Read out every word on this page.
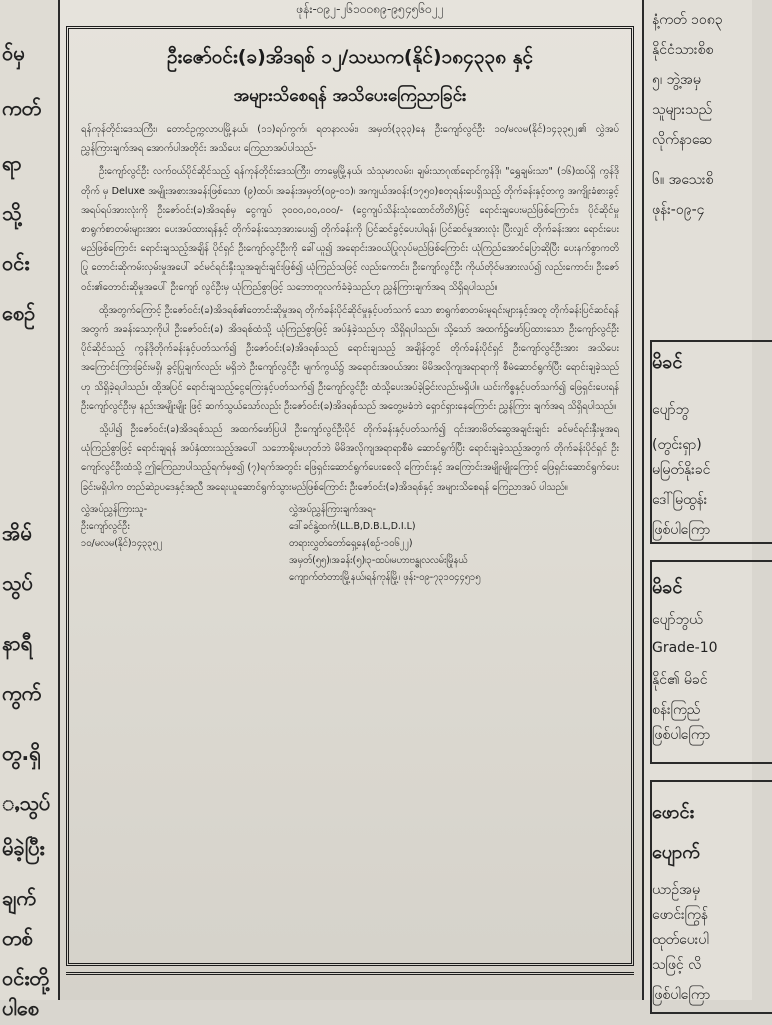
ဖုန်း-၀၉၂-၂၆၁၀၀၈၉-၉၅၄၅၆၀၂၂
ဝ်မှ
ကတ်
ရာ
သို့
ဝင်း
စေဉ်
အိမ်
သွပ်
နာရီ
ကွက်
တွ.ရှိ
ႇသွပ်
မိခဲ့ပြီး
ချက်
တစ်
ဝင်းတို့
ပါစေ
နံ့ကတ် ၁၀၈၃
နိုင်ငံသားစိစ
၅၊ ဘွဲ့အမှ
သူများသည်
လိုက်နာဆေ
၆။ အသေးစိ
ဖုန်း-၀၉-၄
မိခင်
ပျော်ဘွ
(တွင်းရှာ)
မမြတ်နိုးခင်
ဒေါ်မြထွန်း
ဖြစ်ပါကြော
မိခင်
ပျော်ဘွယ်
Grade-10
နိုင်၏ မိခင်
စန်းကြည်
ဖြစ်ပါကြော
ဖောင်း
ပျောက်
ယာဉ်အမှ
ဖောင်းကြွန်
ထုတ်ပေးပါ
သဖြင့် လိ
ဖြစ်ပါကြော
ဦးဇော်ဝင်း(ခ)အိဒရစ် ၁၂/သဃက(နိုင်)၁၈၄၃၃၈ နှင့်
အများသိစေရန် အသိပေးကြေညာခြင်း

ရန်ကုန်တိုင်းဒေသကြီး၊ တောင်ဥက္ကလာပမြို့နယ်၊ (၁၁)ရပ်ကွက်၊ ရတနာလမ်း၊ အမှတ်(၃၃၃)နေ ဦးကျော်လွင်ဦး ၁၀/မလမ(နိုင်)၁၄၃၃၅၂၏ လွှဲအပ်ညွှန်ကြားချက်အရ အောက်ပါအတိုင်း အသိပေး ကြေညာအပ်ပါသည်-

ဦးကျော်လွင်ဦး လက်ဝယ်ပိုင်ဆိုင်သည့် ရန်ကုန်တိုင်းဒေသကြီး၊ တာမွေမြို့နယ်၊ သံသုမာလမ်း၊ ချမ်းသာဂုဏ်ရောင်ကွန်ဒို၊ "ရွှေချမ်းသာ" (၁၆)ထပ်ရှိ ကွန်ဒိုတိုက် မှ Deluxe အမျိုးအစားအခန်းဖြစ်သော (၉)ထပ်၊ အခန်းအမှတ်(၀၉-၀၁)၊ အကျယ်အဝန်း(၁၇၅၀)စတုရန်းပေရှိသည့် တိုက်ခန်းနှင့်တကွ အကျိုးခံစားခွင့်အရပ်ရပ်အားလုံးကို ဦးဇော်ဝင်း(ခ)အိဒရစ်မှ ငွေကျပ် ၃၀၀၀,၀၀,၀၀၀/- (ငွေကျပ်သိန်းသုံးထောင်တိတိ)ဖြင့် ရောင်းချပေးမည်ဖြစ်ကြောင်း၊ ပိုင်ဆိုင်မှုစာရွက်စာတမ်းများအား ပေးအပ်ထားရန်နှင့် တိုက်ခန်းသော့အားပေး၍ တိုက်ခန်းကို ပြင်ဆင်ခွင့်ပေးပါရန်၊ ပြင်ဆင်မှုအားလုံး ပြီးလျှင် တိုက်ခန်းအား ရောင်းပေးမည်ဖြစ်ကြောင်း ရောင်းချသည့်အချိန် ပိုင်ရှင် ဦးကျော်လွင်ဦးကို ခေါ်ယူ၍ အရောင်းအဝယ်ပြုလုပ်မည်ဖြစ်ကြောင်း ယုံကြည်အောင်ပြောဆိုပြီး ပေးနက်စွာကတိပြု တောင်းဆိုကမ်းလှမ်းမှုအပေါ် ခင်မင်ရင်းနှီးသူအချင်းချင်းဖြစ်၍ ယုံကြည်သဖြင့် လည်းကောင်း၊ ဦးကျော်လွင်ဦး ကိုယ်တိုင်မအားလပ်၍ လည်းကောင်း၊ ဦးဇော်ဝင်း၏တောင်းဆိုမှုအပေါ် ဦးကျော် လွင်ဦးမှ ယုံကြည်စွာဖြင့် သဘောတူလက်ခံခဲ့သည်ဟု ညွှန်ကြားချက်အရ သိရှိရပါသည်။

ထို့အတွက်ကြောင့် ဦးဇော်ဝင်း(ခ)အိဒရစ်၏တောင်းဆိုမှုအရ တိုက်ခန်းပိုင်ဆိုင်မှုနှင့်ပတ်သက် သော စာရွက်စာတမ်းမူရင်းများနှင့်အတူ တိုက်ခန်းပြင်ဆင်ရန်အတွက် အခန်းသော့ကိုပါ ဦးဇော်ဝင်း(ခ) အိဒရစ်ထံသို့ ယုံကြည်စွာဖြင့် အပ်နှံခဲ့သည်ဟု သိရှိရပါသည်။ သို့သော် အထက်၌ဖော်ပြထားသော ဦးကျော်လွင်ဦးပိုင်ဆိုင်သည့် ကွန်ဒိုတိုက်ခန်းနှင့်ပတ်သက်၍ ဦးဇော်ဝင်း(ခ)အိဒရစ်သည် ရောင်းချသည့် အချိန်တွင် တိုက်ခန်းပိုင်ရှင် ဦးကျော်လွင်ဦးအား အသိပေးအကြောင်းကြားခြင်းမရှိ၊ ခွင့်ပြုချက်လည်း မရှိဘဲ ဦးကျော်လွင်ဦး မျက်ကွယ်၌ အရောင်းအဝယ်အား မိမိအလိုကျအရာရာကို စီမံဆောင်ရွက်ပြီး ရောင်းချခဲ့သည်ဟု သိရှိခဲ့ရပါသည်။ ထို့အပြင် ရောင်းချသည့်ငွေကြေးနှင့်ပတ်သက်၍ ဦးကျော်လွင်ဦး ထံသို့ပေးအပ်ခဲ့ခြင်းလည်းမရှိပါ။ ယင်းကိစ္စနှင့်ပတ်သက်၍ ဖြေရှင်းပေးရန် ဦးကျော်လွင်ဦးမှ နည်းအမျိုးမျိုး ဖြင့် ဆက်သွယ်သော်လည်း ဦးဇော်ဝင်း(ခ)အိဒရစ်သည် အတွေ့မခံဘဲ ရှောင်ရှားနေကြောင်း ညွှန်ကြား ချက်အရ သိရှိရပါသည်။

သို့ပါ၍ ဦးဇော်ဝင်း(ခ)အိဒရစ်သည် အထက်ဖော်ပြပါ ဦးကျော်လွင်ဦးပိုင် တိုက်ခန်းနှင့်ပတ်သက်၍ ၎င်းအားမိတ်ဆွေအချင်းချင်း ခင်မင်ရင်းနှီးမှုအရ ယုံကြည်စွာဖြင့် ရောင်းချရန် အပ်နှံထားသည့်အပေါ် သဘောရိုးမဟုတ်ဘဲ မိမိအလိုကျအရာရာစီမံ ဆောင်ရွက်ပြီး ရောင်းချခဲ့သည့်အတွက် တိုက်ခန်းပိုင်ရှင် ဦးကျော်လွင်ဦးထံသို့ ဤကြေညာပါသည့်ရက်မှစ၍ (၇)ရက်အတွင်း ဖြေရှင်းဆောင်ရွက်ပေးစေလို ကြောင်းနှင့် အကြောင်းအမျိုးမျိုးကြောင့် ဖြေရှင်းဆောင်ရွက်ပေးခြင်းမရှိပါက တည်ဆဲဥပဒေနှင့်အညီ အရေးယူဆောင်ရွက်သွားမည်ဖြစ်ကြောင်း ဦးဇော်ဝင်း(ခ)အိဒရစ်နှင့် အများသိစေရန် ကြေညာအပ် ပါသည်။

လွှဲအပ်ညွှန်ကြားသူ-
ဦးကျော်လွင်ဦး
၁၀/မလမ(နိုင်)၁၄၃၃၅၂
လွှဲအပ်ညွှန်ကြားချက်အရ-
ဒေါ်ခင်နွဲ့ထက်(LL.B,D.B.L,D.I.L)
တရားလွှတ်တော်ရှေ့နေ(စဉ်-၁၀၆၂၂)
အမှတ်(၅၅)၊အခန်း(၅)၊၃-ထပ်၊မဟာဗန္ဓုလလမ်းမြိုနယ်
ကျောက်တံတားမြို့နယ်၊ရန်ကုန်မြို့၊ ဖုန်း-၀၉-၇၃၁၀၄၄၅၁၅
